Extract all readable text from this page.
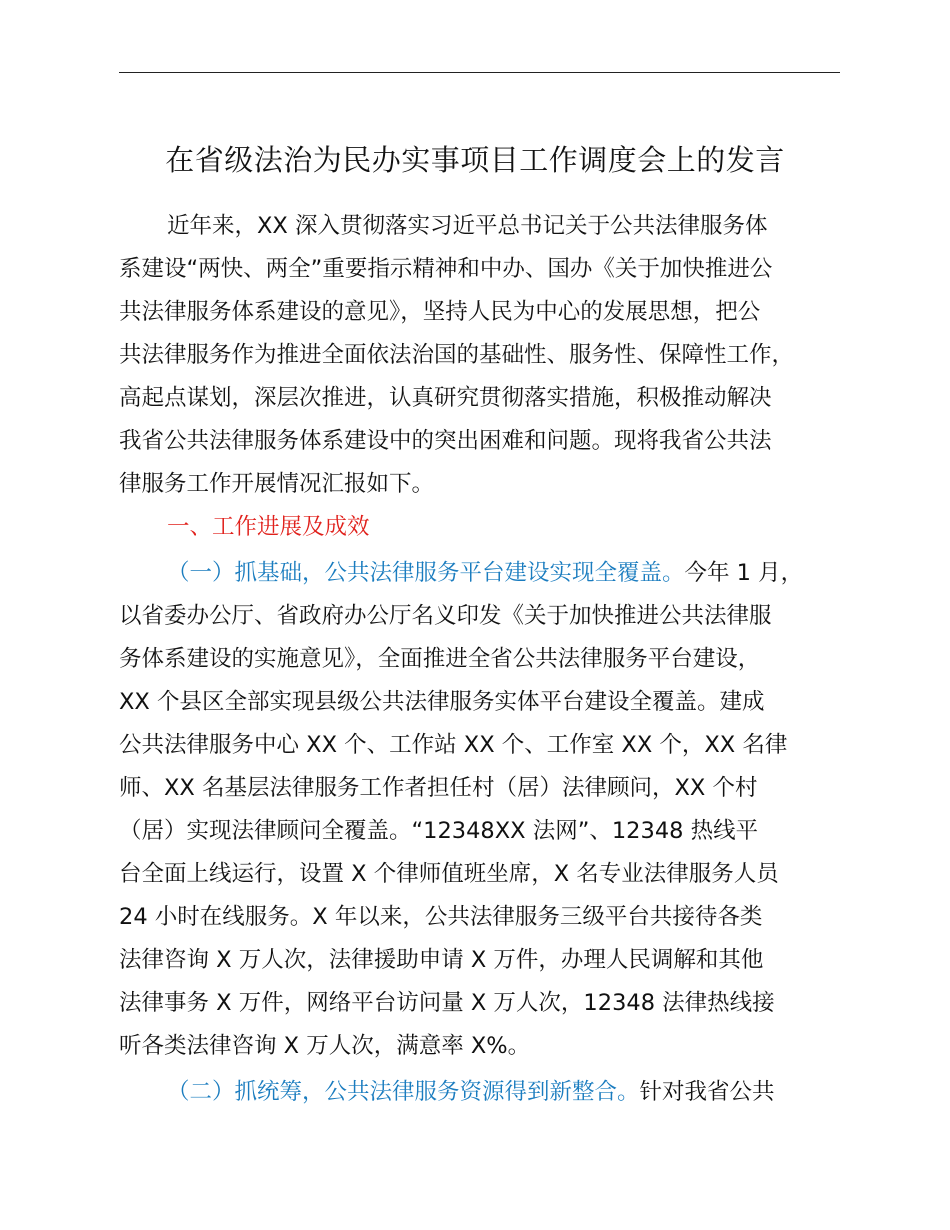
在省级法治为民办实事项目工作调度会上的发言
近年来，XX 深入贯彻落实习近平总书记关于公共法律服务体
系建设“两快、两全”重要指示精神和中办、国办《关于加快推进公
共法律服务体系建设的意见》，坚持人民为中心的发展思想，把公
共法律服务作为推进全面依法治国的基础性、服务性、保障性工作，
高起点谋划，深层次推进，认真研究贯彻落实措施，积极推动解决
我省公共法律服务体系建设中的突出困难和问题。现将我省公共法
律服务工作开展情况汇报如下。
一、工作进展及成效
（一）抓基础，公共法律服务平台建设实现全覆盖。今年 1 月，
以省委办公厅、省政府办公厅名义印发《关于加快推进公共法律服
务体系建设的实施意见》，全面推进全省公共法律服务平台建设，
XX 个县区全部实现县级公共法律服务实体平台建设全覆盖。建成
公共法律服务中心 XX 个、工作站 XX 个、工作室 XX 个，XX 名律
师、XX 名基层法律服务工作者担任村（居）法律顾问，XX 个村
（居）实现法律顾问全覆盖。“12348XX 法网”、12348 热线平
台全面上线运行，设置 X 个律师值班坐席，X 名专业法律服务人员
24 小时在线服务。X 年以来，公共法律服务三级平台共接待各类
法律咨询 X 万人次，法律援助申请 X 万件，办理人民调解和其他
法律事务 X 万件，网络平台访问量 X 万人次，12348 法律热线接
听各类法律咨询 X 万人次，满意率 X%。
（二）抓统筹，公共法律服务资源得到新整合。针对我省公共
